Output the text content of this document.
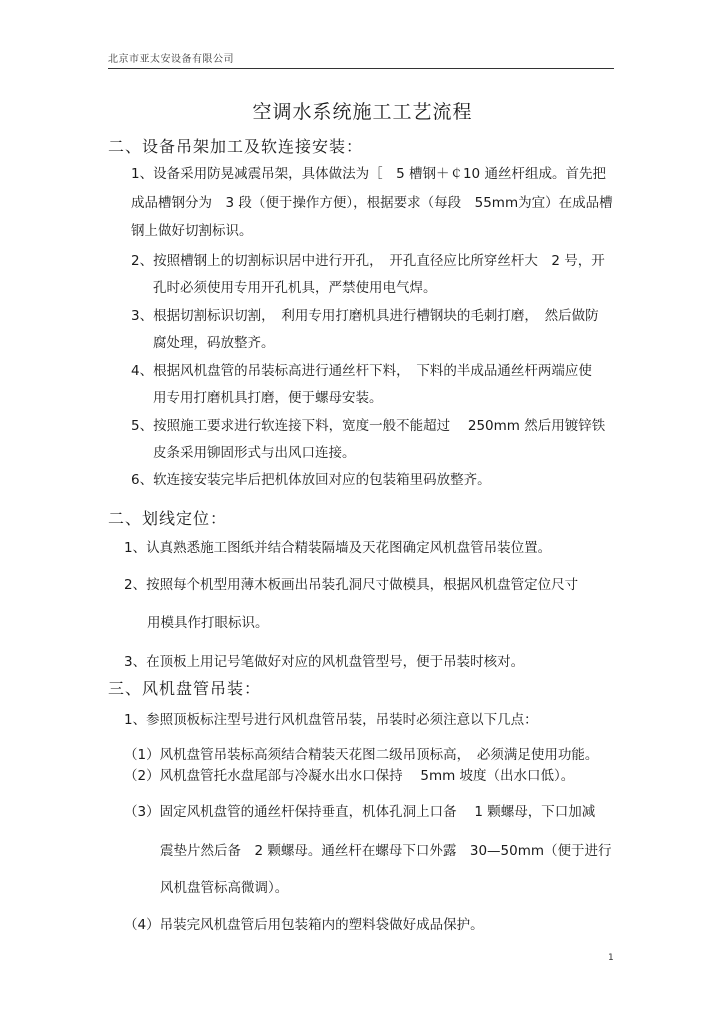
北京市亚太安设备有限公司
空调水系统施工工艺流程
二、设备吊架加工及软连接安装：
1、设备采用防晃减震吊架，具体做法为［　5 槽钢＋￠10 通丝杆组成。首先把
成品槽钢分为　3 段（便于操作方便），根据要求（每段　55mm为宜）在成品槽
钢上做好切割标识。
2、按照槽钢上的切割标识居中进行开孔，　开孔直径应比所穿丝杆大　2 号，开
孔时必须使用专用开孔机具，严禁使用电气焊。
3、根据切割标识切割，　利用专用打磨机具进行槽钢块的毛刺打磨，　然后做防
腐处理，码放整齐。
4、根据风机盘管的吊装标高进行通丝杆下料，　下料的半成品通丝杆两端应使
用专用打磨机具打磨，便于螺母安装。
5、按照施工要求进行软连接下料，宽度一般不能超过　 250mm 然后用镀锌铁
皮条采用铆固形式与出风口连接。
6、软连接安装完毕后把机体放回对应的包装箱里码放整齐。
二、划线定位：
1、认真熟悉施工图纸并结合精装隔墙及天花图确定风机盘管吊装位置。
2、按照每个机型用薄木板画出吊装孔洞尺寸做模具，根据风机盘管定位尺寸
用模具作打眼标识。
3、在顶板上用记号笔做好对应的风机盘管型号，便于吊装时核对。
三、风机盘管吊装：
1、参照顶板标注型号进行风机盘管吊装，吊装时必须注意以下几点：
（1）风机盘管吊装标高须结合精装天花图二级吊顶标高，　必须满足使用功能。
（2）风机盘管托水盘尾部与冷凝水出水口保持　 5mm 坡度（出水口低）。
（3）固定风机盘管的通丝杆保持垂直，机体孔洞上口备　 1 颗螺母，下口加减
震垫片然后备　2 颗螺母。通丝杆在螺母下口外露　30—50mm（便于进行
风机盘管标高微调）。
（4）吊装完风机盘管后用包装箱内的塑料袋做好成品保护。
1
